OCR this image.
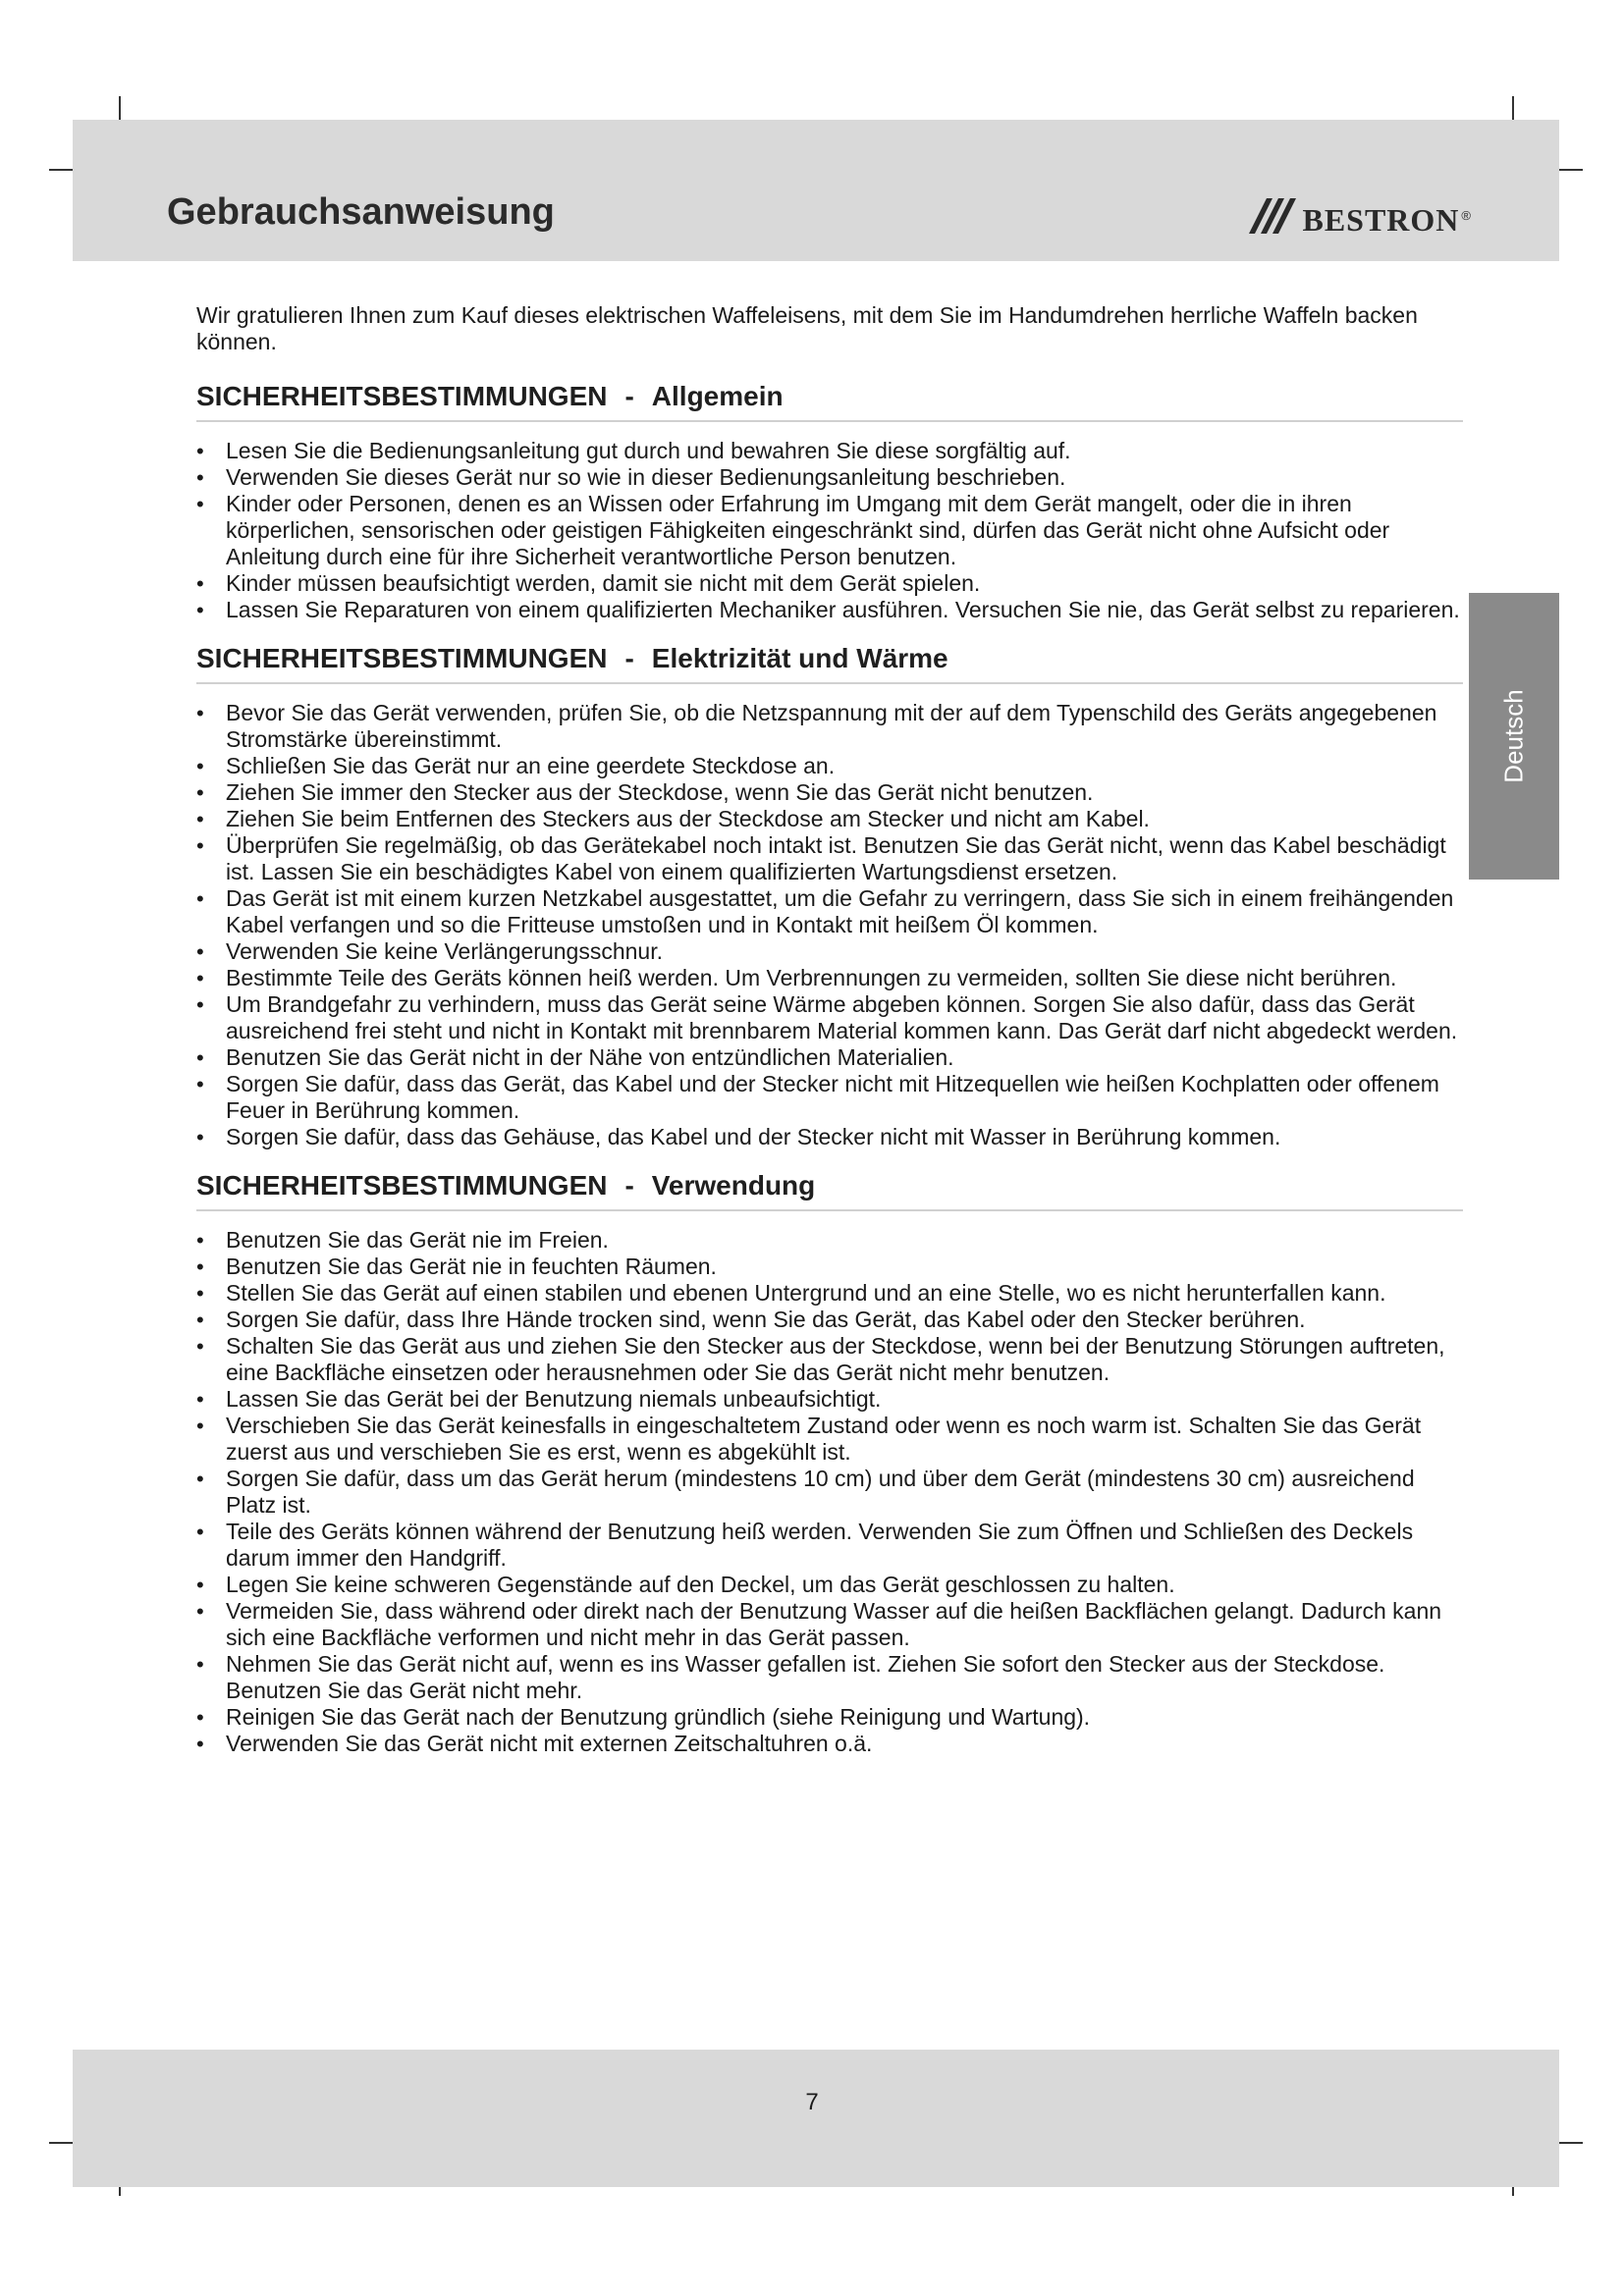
Gebrauchsanweisung	bestron ®
Deutsch

Wir gratulieren Ihnen zum Kauf dieses elektrischen Waffeleisens, mit dem Sie im Handumdrehen herrliche Waffeln backen können.

SICHERHEITSBESTIMMUNGEN - Allgemein
• Lesen Sie die Bedienungsanleitung gut durch und bewahren Sie diese sorgfältig auf.
• Verwenden Sie dieses Gerät nur so wie in dieser Bedienungsanleitung beschrieben.
• Kinder oder Personen, denen es an Wissen oder Erfahrung im Umgang mit dem Gerät mangelt, oder die in ihren körperlichen, sensorischen oder geistigen Fähigkeiten eingeschränkt sind, dürfen das Gerät nicht ohne Aufsicht oder Anleitung durch eine für ihre Sicherheit verantwortliche Person benutzen.
• Kinder müssen beaufsichtigt werden, damit sie nicht mit dem Gerät spielen.
• Lassen Sie Reparaturen von einem qualifizierten Mechaniker ausführen. Versuchen Sie nie, das Gerät selbst zu reparieren.
SICHERHEITSBESTIMMUNGEN - Elektrizität und Wärme
• Bevor Sie das Gerät verwenden, prüfen Sie, ob die Netzspannung mit der auf dem Typenschild des Geräts angegebenen Stromstärke übereinstimmt.
• Schließen Sie das Gerät nur an eine geerdete Steckdose an.
• Ziehen Sie immer den Stecker aus der Steckdose, wenn Sie das Gerät nicht benutzen.
• Ziehen Sie beim Entfernen des Steckers aus der Steckdose am Stecker und nicht am Kabel.
• Überprüfen Sie regelmäßig, ob das Gerätekabel noch intakt ist. Benutzen Sie das Gerät nicht, wenn das Kabel beschädigt ist. Lassen Sie ein beschädigtes Kabel von einem qualifizierten Wartungsdienst ersetzen.
• Das Gerät ist mit einem kurzen Netzkabel ausgestattet, um die Gefahr zu verringern, dass Sie sich in einem freihängenden Kabel verfangen und so die Fritteuse umstoßen und in Kontakt mit heißem Öl kommen.
• Verwenden Sie keine Verlängerungsschnur.
• Bestimmte Teile des Geräts können heiß werden. Um Verbrennungen zu vermeiden, sollten Sie diese nicht berühren.
• Um Brandgefahr zu verhindern, muss das Gerät seine Wärme abgeben können. Sorgen Sie also dafür, dass das Gerät ausreichend frei steht und nicht in Kontakt mit brennbarem Material kommen kann. Das Gerät darf nicht abgedeckt werden.
• Benutzen Sie das Gerät nicht in der Nähe von entzündlichen Materialien.
• Sorgen Sie dafür, dass das Gerät, das Kabel und der Stecker nicht mit Hitzequellen wie heißen Kochplatten oder offenem Feuer in Berührung kommen.
• Sorgen Sie dafür, dass das Gehäuse, das Kabel und der Stecker nicht mit Wasser in Berührung kommen.
SICHERHEITSBESTIMMUNGEN - Verwendung
• Benutzen Sie das Gerät nie im Freien.
• Benutzen Sie das Gerät nie in feuchten Räumen.
• Stellen Sie das Gerät auf einen stabilen und ebenen Untergrund und an eine Stelle, wo es nicht herunterfallen kann.
• Sorgen Sie dafür, dass Ihre Hände trocken sind, wenn Sie das Gerät, das Kabel oder den Stecker berühren.
• Schalten Sie das Gerät aus und ziehen Sie den Stecker aus der Steckdose, wenn bei der Benutzung Störungen auftreten, eine Backfläche einsetzen oder herausnehmen oder Sie das Gerät nicht mehr benutzen.
• Lassen Sie das Gerät bei der Benutzung niemals unbeaufsichtigt.
• Verschieben Sie das Gerät keinesfalls in eingeschaltetem Zustand oder wenn es noch warm ist. Schalten Sie das Gerät zuerst aus und verschieben Sie es erst, wenn es abgekühlt ist.
• Sorgen Sie dafür, dass um das Gerät herum (mindestens 10 cm) und über dem Gerät (mindestens 30 cm) ausreichend Platz ist.
• Teile des Geräts können während der Benutzung heiß werden. Verwenden Sie zum Öffnen und Schließen des Deckels darum immer den Handgriff.
• Legen Sie keine schweren Gegenstände auf den Deckel, um das Gerät geschlossen zu halten.
• Vermeiden Sie, dass während oder direkt nach der Benutzung Wasser auf die heißen Backflächen gelangt. Dadurch kann sich eine Backfläche verformen und nicht mehr in das Gerät passen.
• Nehmen Sie das Gerät nicht auf, wenn es ins Wasser gefallen ist. Ziehen Sie sofort den Stecker aus der Steckdose. Benutzen Sie das Gerät nicht mehr.
• Reinigen Sie das Gerät nach der Benutzung gründlich (siehe Reinigung und Wartung).
• Verwenden Sie das Gerät nicht mit externen Zeitschaltuhren o.ä.
7
